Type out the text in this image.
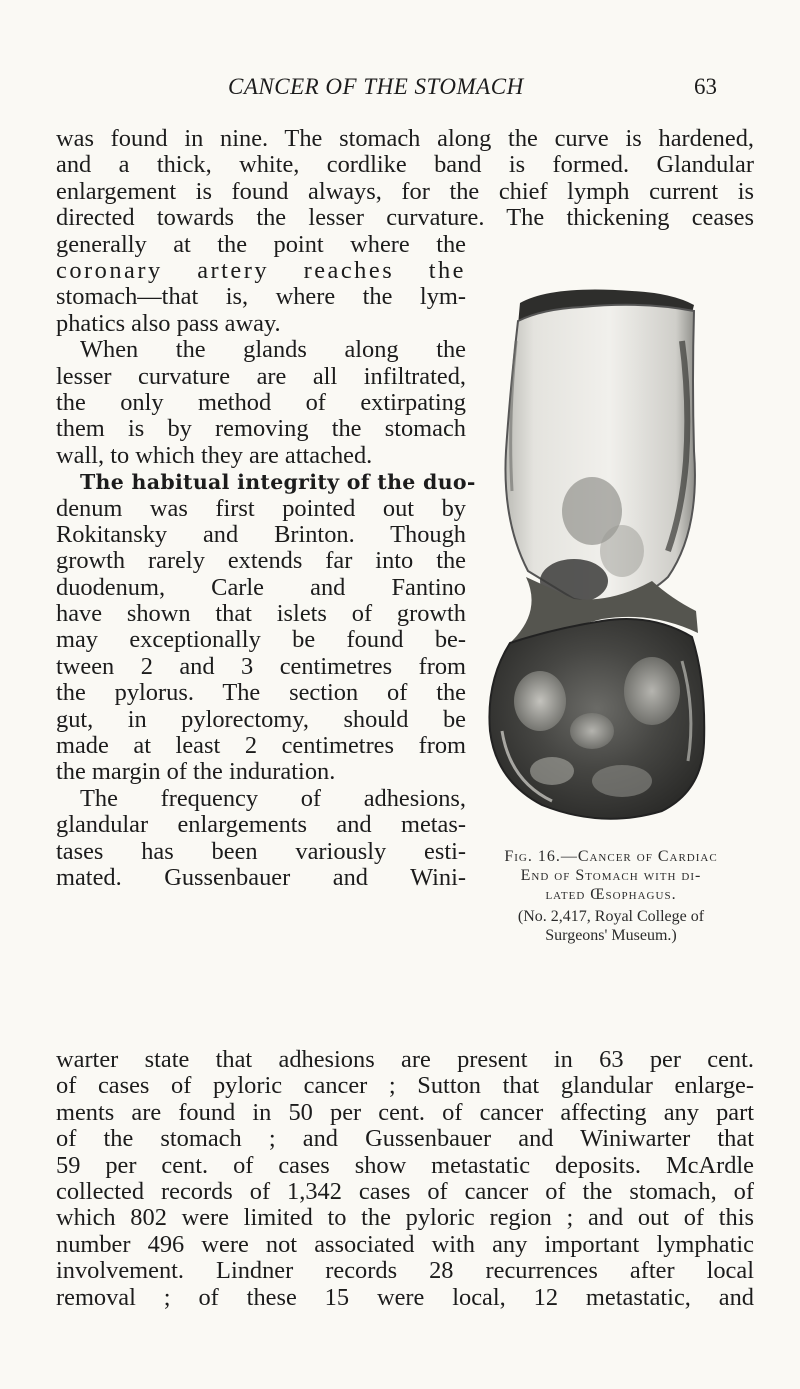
CANCER OF THE STOMACH	63
was found in nine. The stomach along the curve is hardened,
and a thick, white, cordlike band is formed. Glandular
enlargement is found always, for the chief lymph current is
directed towards the lesser curvature. The thickening ceases
generally at the point where the
coronary artery reaches the
stomach—that is, where the lym-
phatics also pass away.
When the glands along the
lesser curvature are all infiltrated,
the only method of extirpating
them is by removing the stomach
wall, to which they are attached.
The habitual integrity of the duo-
denum was first pointed out by
Rokitansky and Brinton. Though
growth rarely extends far into the
duodenum, Carle and Fantino
have shown that islets of growth
may exceptionally be found be-
tween 2 and 3 centimetres from
the pylorus. The section of the
gut, in pylorectomy, should be
made at least 2 centimetres from
the margin of the induration.
The frequency of adhesions,
glandular enlargements and metas-
tases has been variously esti-
mated. Gussenbauer and Wini-
Fig. 16.—Cancer of Cardiac
End of Stomach with di-
lated Œsophagus.
(No. 2,417, Royal College of
Surgeons' Museum.)
warter state that adhesions are present in 63 per cent.
of cases of pyloric cancer ; Sutton that glandular enlarge-
ments are found in 50 per cent. of cancer affecting any part
of the stomach ; and Gussenbauer and Winiwarter that
59 per cent. of cases show metastatic deposits. McArdle
collected records of 1,342 cases of cancer of the stomach, of
which 802 were limited to the pyloric region ; and out of this
number 496 were not associated with any important lymphatic
involvement. Lindner records 28 recurrences after local
removal ; of these 15 were local, 12 metastatic, and
